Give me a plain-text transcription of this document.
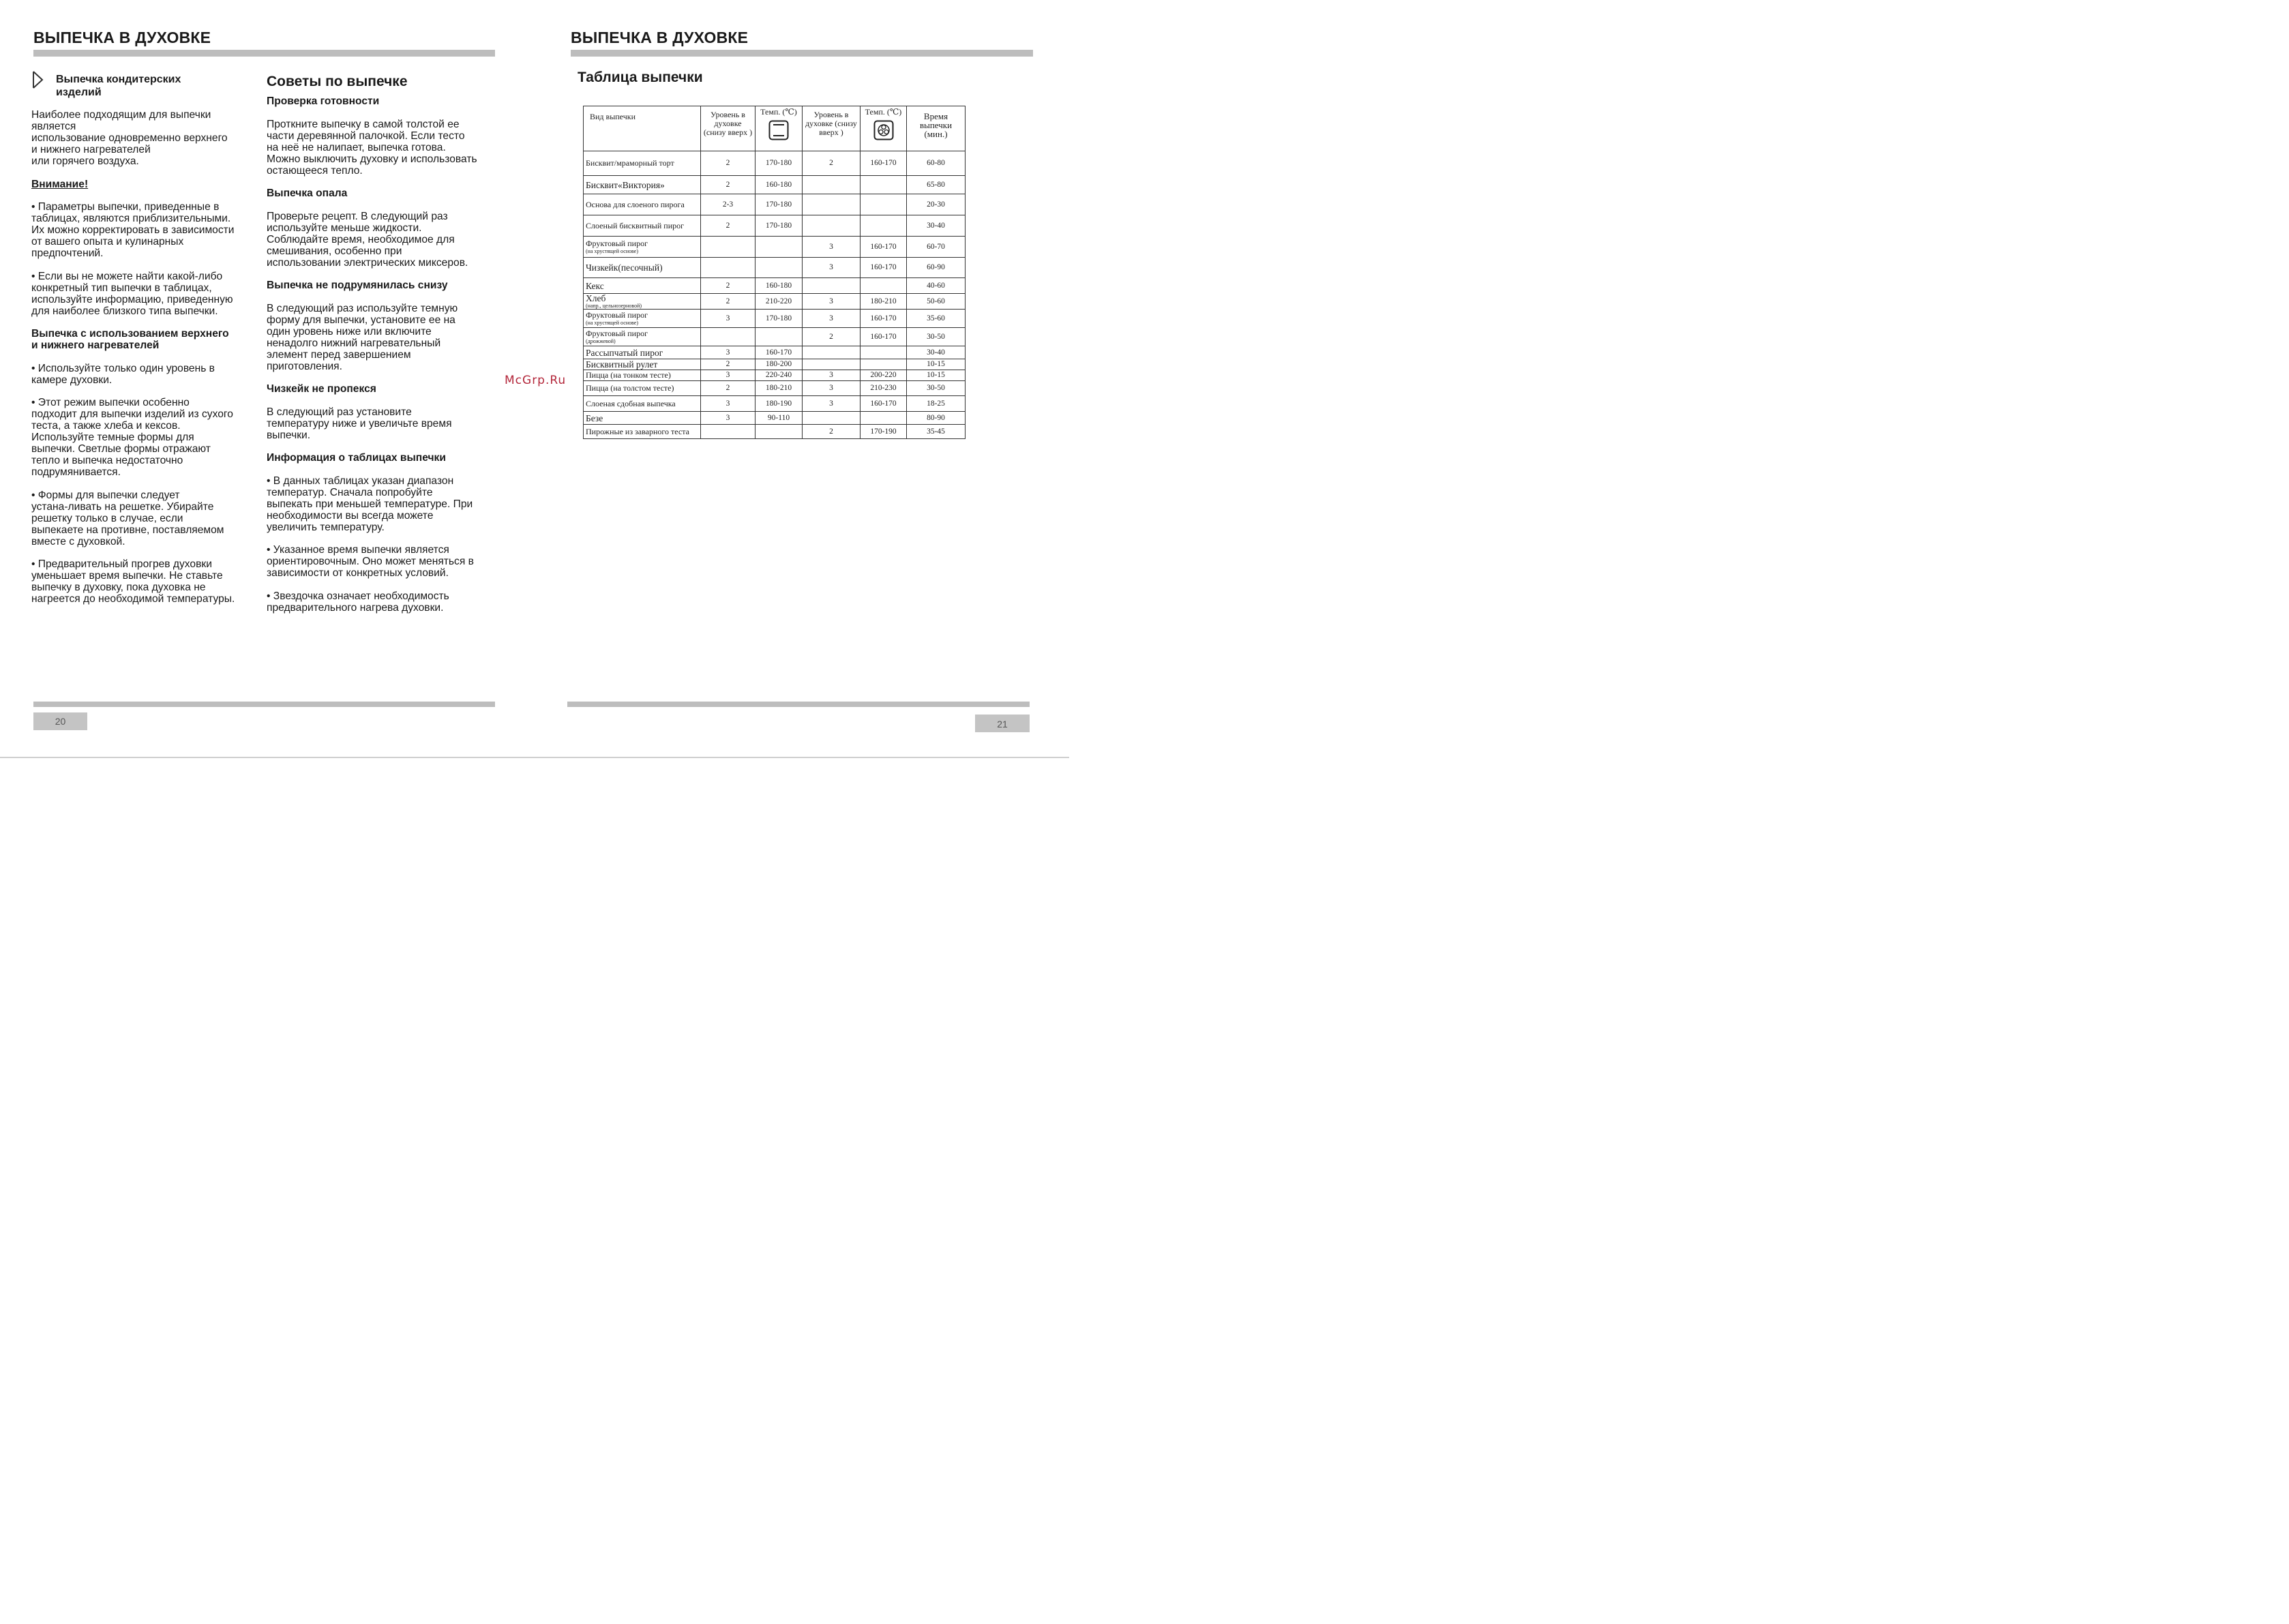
ВЫПЕЧКА В ДУХОВКЕ
Выпечка кондитерских
изделий

Наиболее подходящим для выпечки
является
использование одновременно верхнего
и нижнего нагревателей
или горячего воздуха.

Внимание!

• Параметры выпечки, приведенные в
таблицах, являются приблизительными.
Их можно корректировать в зависимости
от вашего опыта и кулинарных
предпочтений.

• Если вы не можете найти какой-либо
конкретный тип выпечки в таблицах,
используйте информацию, приведенную
для наиболее близкого типа выпечки.

Выпечка с использованием верхнего
и нижнего нагревателей

• Используйте только один уровень в
камере духовки.

• Этот режим выпечки особенно
подходит для выпечки изделий из сухого
теста, а также хлеба и кексов.
Используйте темные формы для
выпечки. Светлые формы отражают
тепло и выпечка недостаточно
подрумянивается.

• Формы для выпечки следует
устана-ливать на решетке. Убирайте
решетку только в случае, если
выпекаете на противне, поставляемом
вместе с духовкой.

• Предварительный прогрев духовки
уменьшает время выпечки. Не ставьте
выпечку в духовку, пока духовка не
нагреется до необходимой температуры.

Советы по выпечке
Проверка готовности

Проткните выпечку в самой толстой ее
части деревянной палочкой. Если тесто
на неё не налипает, выпечка готова.
Можно выключить духовку и использовать
остающееся тепло.

Выпечка опала

Проверьте рецепт. В следующий раз
используйте меньше жидкости.
Соблюдайте время, необходимое для
смешивания, особенно при
использовании электрических миксеров.

Выпечка не подрумянилась снизу

В следующий раз используйте темную
форму для выпечки, установите ее на
один уровень ниже или включите
ненадолго нижний нагревательный
элемент перед завершением
приготовления.

Чизкейк не пропекся

В следующий раз установите
температуру ниже и увеличьте время
выпечки.

Информация о таблицах выпечки

• В данных таблицах указан диапазон
температур. Сначала попробуйте
выпекать при меньшей температуре. При
необходимости вы всегда можете
увеличить температуру.

• Указанное время выпечки является
ориентировочным. Оно может меняться в
зависимости от конкретных условий.

• Звездочка означает необходимость
предварительного нагрева духовки.

20
McGrp.Ru
ВЫПЕЧКА В ДУХОВКЕ
Таблица выпечки
Вид выпечки	Уровень в духовке (снизу вверх )	Темп. (℃)	Уровень в духовке (снизу вверх )	Темп. (℃)	Время выпечки (мин.)
Бисквит/мраморный торт	2	170-180	2	160-170	60-80
Бисквит«Виктория»	2	160-180			65-80
Основа для слоеного пирога	2-3	170-180			20-30
Слоеный бисквитный пирог	2	170-180			30-40
Фруктовый пирог
(на хрустящей основе)			3	160-170	60-70
Чизкейк(песочный)			3	160-170	60-90
Кекс	2	160-180			40-60
Хлеб
(напр., цельнозерновой)	2	210-220	3	180-210	50-60
Фруктовый пирог
(на хрустящей основе)	3	170-180	3	160-170	35-60
Фруктовый пирог
(дрожжевой)			2	160-170	30-50
Рассыпчатый пирог	3	160-170			30-40
Бисквитный рулет	2	180-200			10-15
Пицца (на тонком тесте)	3	220-240	3	200-220	10-15
Пицца (на толстом тесте)	2	180-210	3	210-230	30-50
Слоеная сдобная выпечка	3	180-190	3	160-170	18-25
Безе	3	90-110			80-90
Пирожные из заварного теста			2	170-190	35-45
21
